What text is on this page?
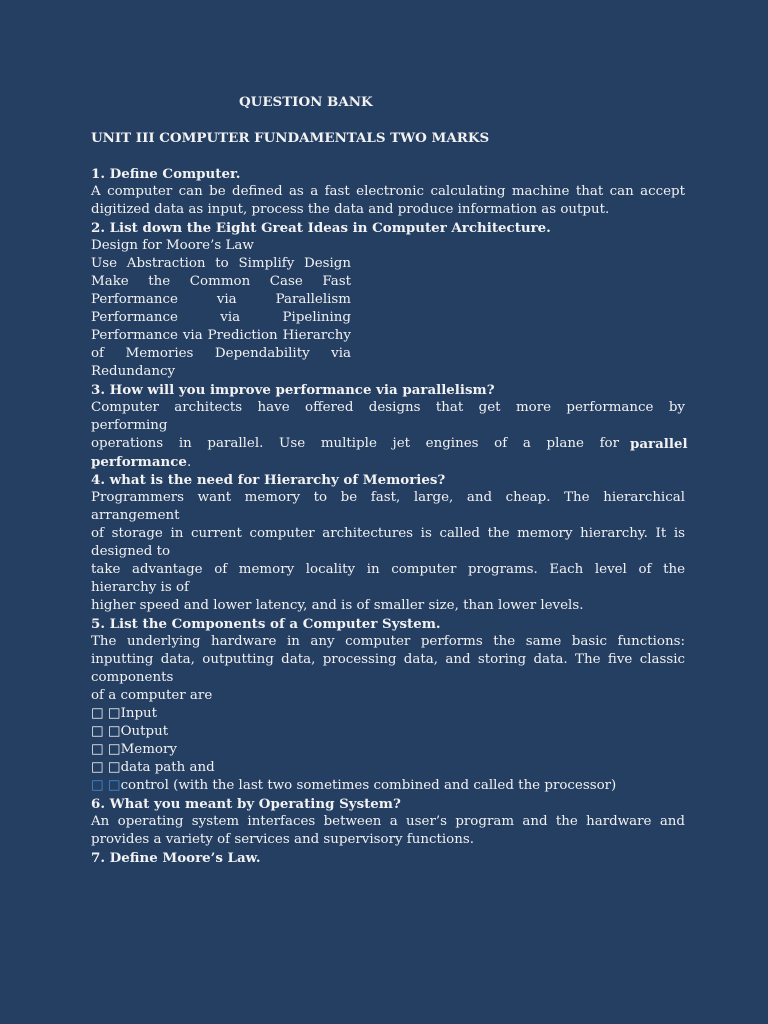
QUESTION BANK

UNIT III COMPUTER FUNDAMENTALS TWO MARKS

1. Define Computer.

A computer can be defined as a fast electronic calculating machine that can accept

digitized data as input, process the data and produce information as output.

2. List down the Eight Great Ideas in Computer Architecture.

Design for Moore’s Law

Use Abstraction to Simplify Design

Make the Common Case Fast

Performance via Parallelism

Performance via Pipelining

Performance via Prediction Hierarchy

of Memories Dependability via

Redundancy

3. How will you improve performance via parallelism?

Computer architects have offered designs that get more performance by

performing

operations in parallel. Use multiple jet engines of a plane for parallel

performance.

4. what is the need for Hierarchy of Memories?

Programmers want memory to be fast, large, and cheap. The hierarchical

arrangement

of storage in current computer architectures is called the memory hierarchy. It is

designed to

take advantage of memory locality in computer programs. Each level of the

hierarchy is of

higher speed and lower latency, and is of smaller size, than lower levels.

5. List the Components of a Computer System.

The underlying hardware in any computer performs the same basic functions:

inputting data, outputting data, processing data, and storing data. The five classic

components

of a computer are

□ □Input

□ □Output

□ □Memory

□ □data path and

□ □control (with the last two sometimes combined and called the processor)

6. What you meant by Operating System?

An operating system interfaces between a user’s program and the hardware and

provides a variety of services and supervisory functions.

7. Define Moore’s Law.
